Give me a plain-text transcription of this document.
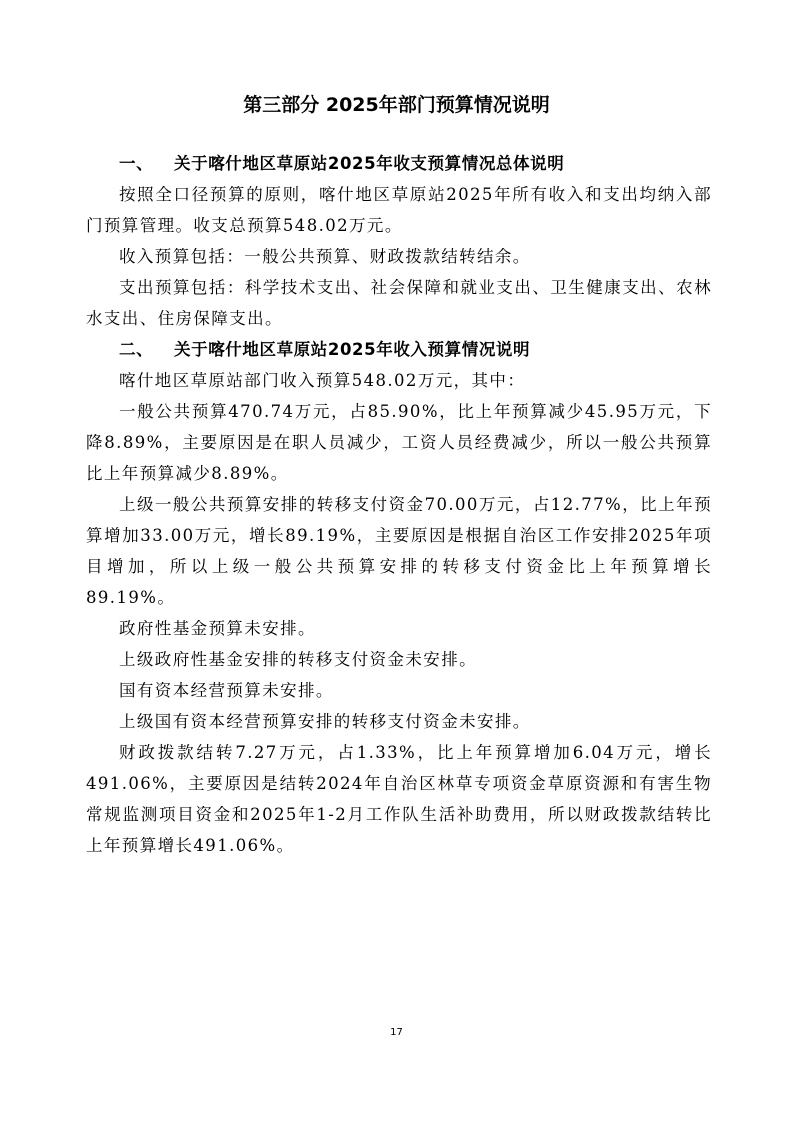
第三部分 2025年部门预算情况说明

一、 关于喀什地区草原站2025年收支预算情况总体说明

按照全口径预算的原则，喀什地区草原站2025年所有收入和支出均纳入部门预算管理。收支总预算548.02万元。

收入预算包括：一般公共预算、财政拨款结转结余。

支出预算包括：科学技术支出、社会保障和就业支出、卫生健康支出、农林水支出、住房保障支出。

二、 关于喀什地区草原站2025年收入预算情况说明

喀什地区草原站部门收入预算548.02万元，其中：

一般公共预算470.74万元，占85.90%，比上年预算减少45.95万元，下降8.89%，主要原因是在职人员减少，工资人员经费减少，所以一般公共预算比上年预算减少8.89%。

上级一般公共预算安排的转移支付资金70.00万元，占12.77%，比上年预算增加33.00万元，增长89.19%，主要原因是根据自治区工作安排2025年项目增加，所以上级一般公共预算安排的转移支付资金比上年预算增长89.19%。

政府性基金预算未安排。

上级政府性基金安排的转移支付资金未安排。

国有资本经营预算未安排。

上级国有资本经营预算安排的转移支付资金未安排。

财政拨款结转7.27万元，占1.33%，比上年预算增加6.04万元，增长491.06%，主要原因是结转2024年自治区林草专项资金草原资源和有害生物常规监测项目资金和2025年1-2月工作队生活补助费用，所以财政拨款结转比上年预算增长491.06%。

17
